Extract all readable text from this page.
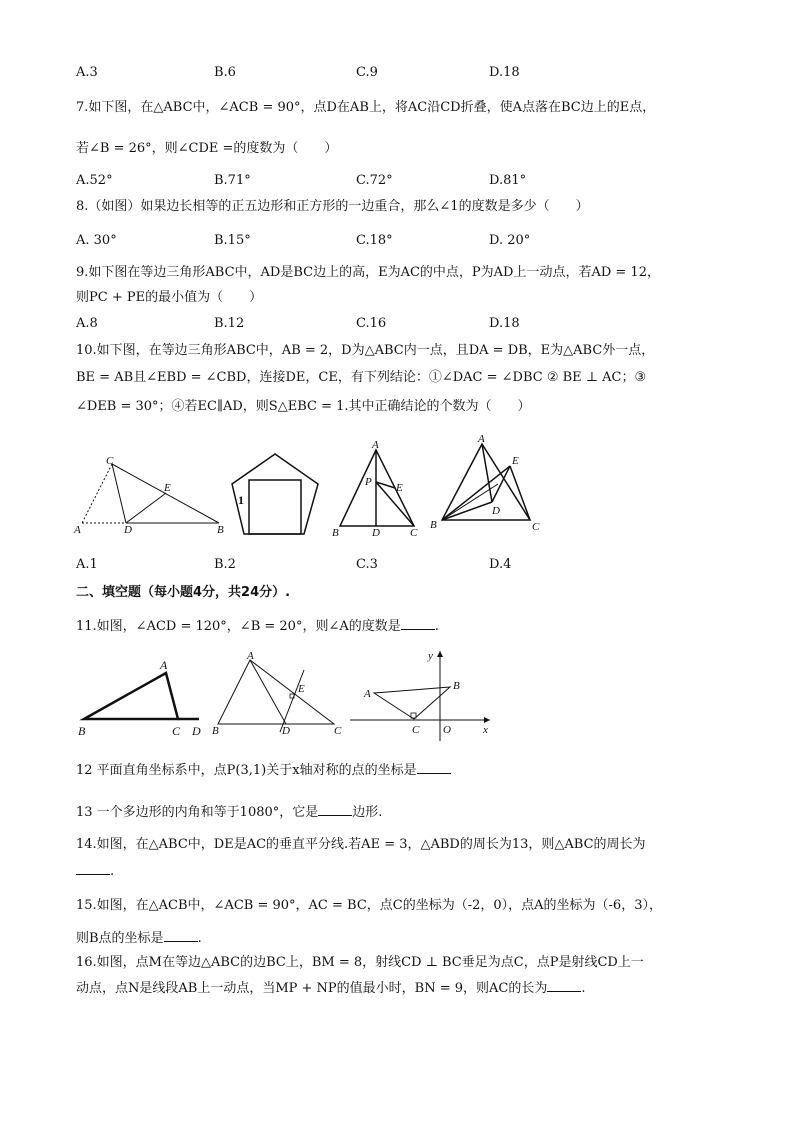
A.3	B.6	C.9	D.18
7.如下图，在△ABC中，∠ACB = 90°，点D在AB上，将AC沿CD折叠，使A点落在BC边上的E点，
若∠B = 26°，则∠CDE =的度数为（　　）
A.52°	B.71°	C.72°	D.81°
8.（如图）如果边长相等的正五边形和正方形的一边重合，那么∠1的度数是多少（　　）
A. 30°	B.15°	C.18°	D. 20°
9.如下图在等边三角形ABC中，AD是BC边上的高，E为AC的中点，P为AD上一动点，若AD = 12，
则PC + PE的最小值为（　　）
A.8	B.12	C.16	D.18
10.如下图，在等边三角形ABC中，AB = 2，D为△ABC内一点，且DA = DB，E为△ABC外一点，
BE = AB且∠EBD = ∠CBD，连接DE，CE，有下列结论：①∠DAC = ∠DBC ② BE ⊥ AC；③
∠DEB = 30°；④若EC∥AD，则S△EBC = 1.其中正确结论的个数为（　　）
C
E
A	D	B
1
A
P E
B	D	C
A
E
D
B	C
A.1	B.2	C.3	D.4
二、填空题（每小题4分，共24分）.
11.如图，∠ACD = 120°，∠B = 20°，则∠A的度数是	.
A
B	C D
A
E
B	D	C
y
A
B
C O	x
12 平面直角坐标系中，点P(3,1)关于x轴对称的点的坐标是
13 一个多边形的内角和等于1080°，它是	边形.
14.如图，在△ABC中，DE是AC的垂直平分线.若AE = 3，△ABD的周长为13，则△ABC的周长为
.
15.如图，在△ACB中，∠ACB = 90°，AC = BC，点C的坐标为（-2，0），点A的坐标为（-6，3），
则B点的坐标是	.
16.如图，点M在等边△ABC的边BC上，BM = 8，射线CD ⊥ BC垂足为点C，点P是射线CD上一
动点，点N是线段AB上一动点，当MP + NP的值最小时，BN = 9，则AC的长为	.
